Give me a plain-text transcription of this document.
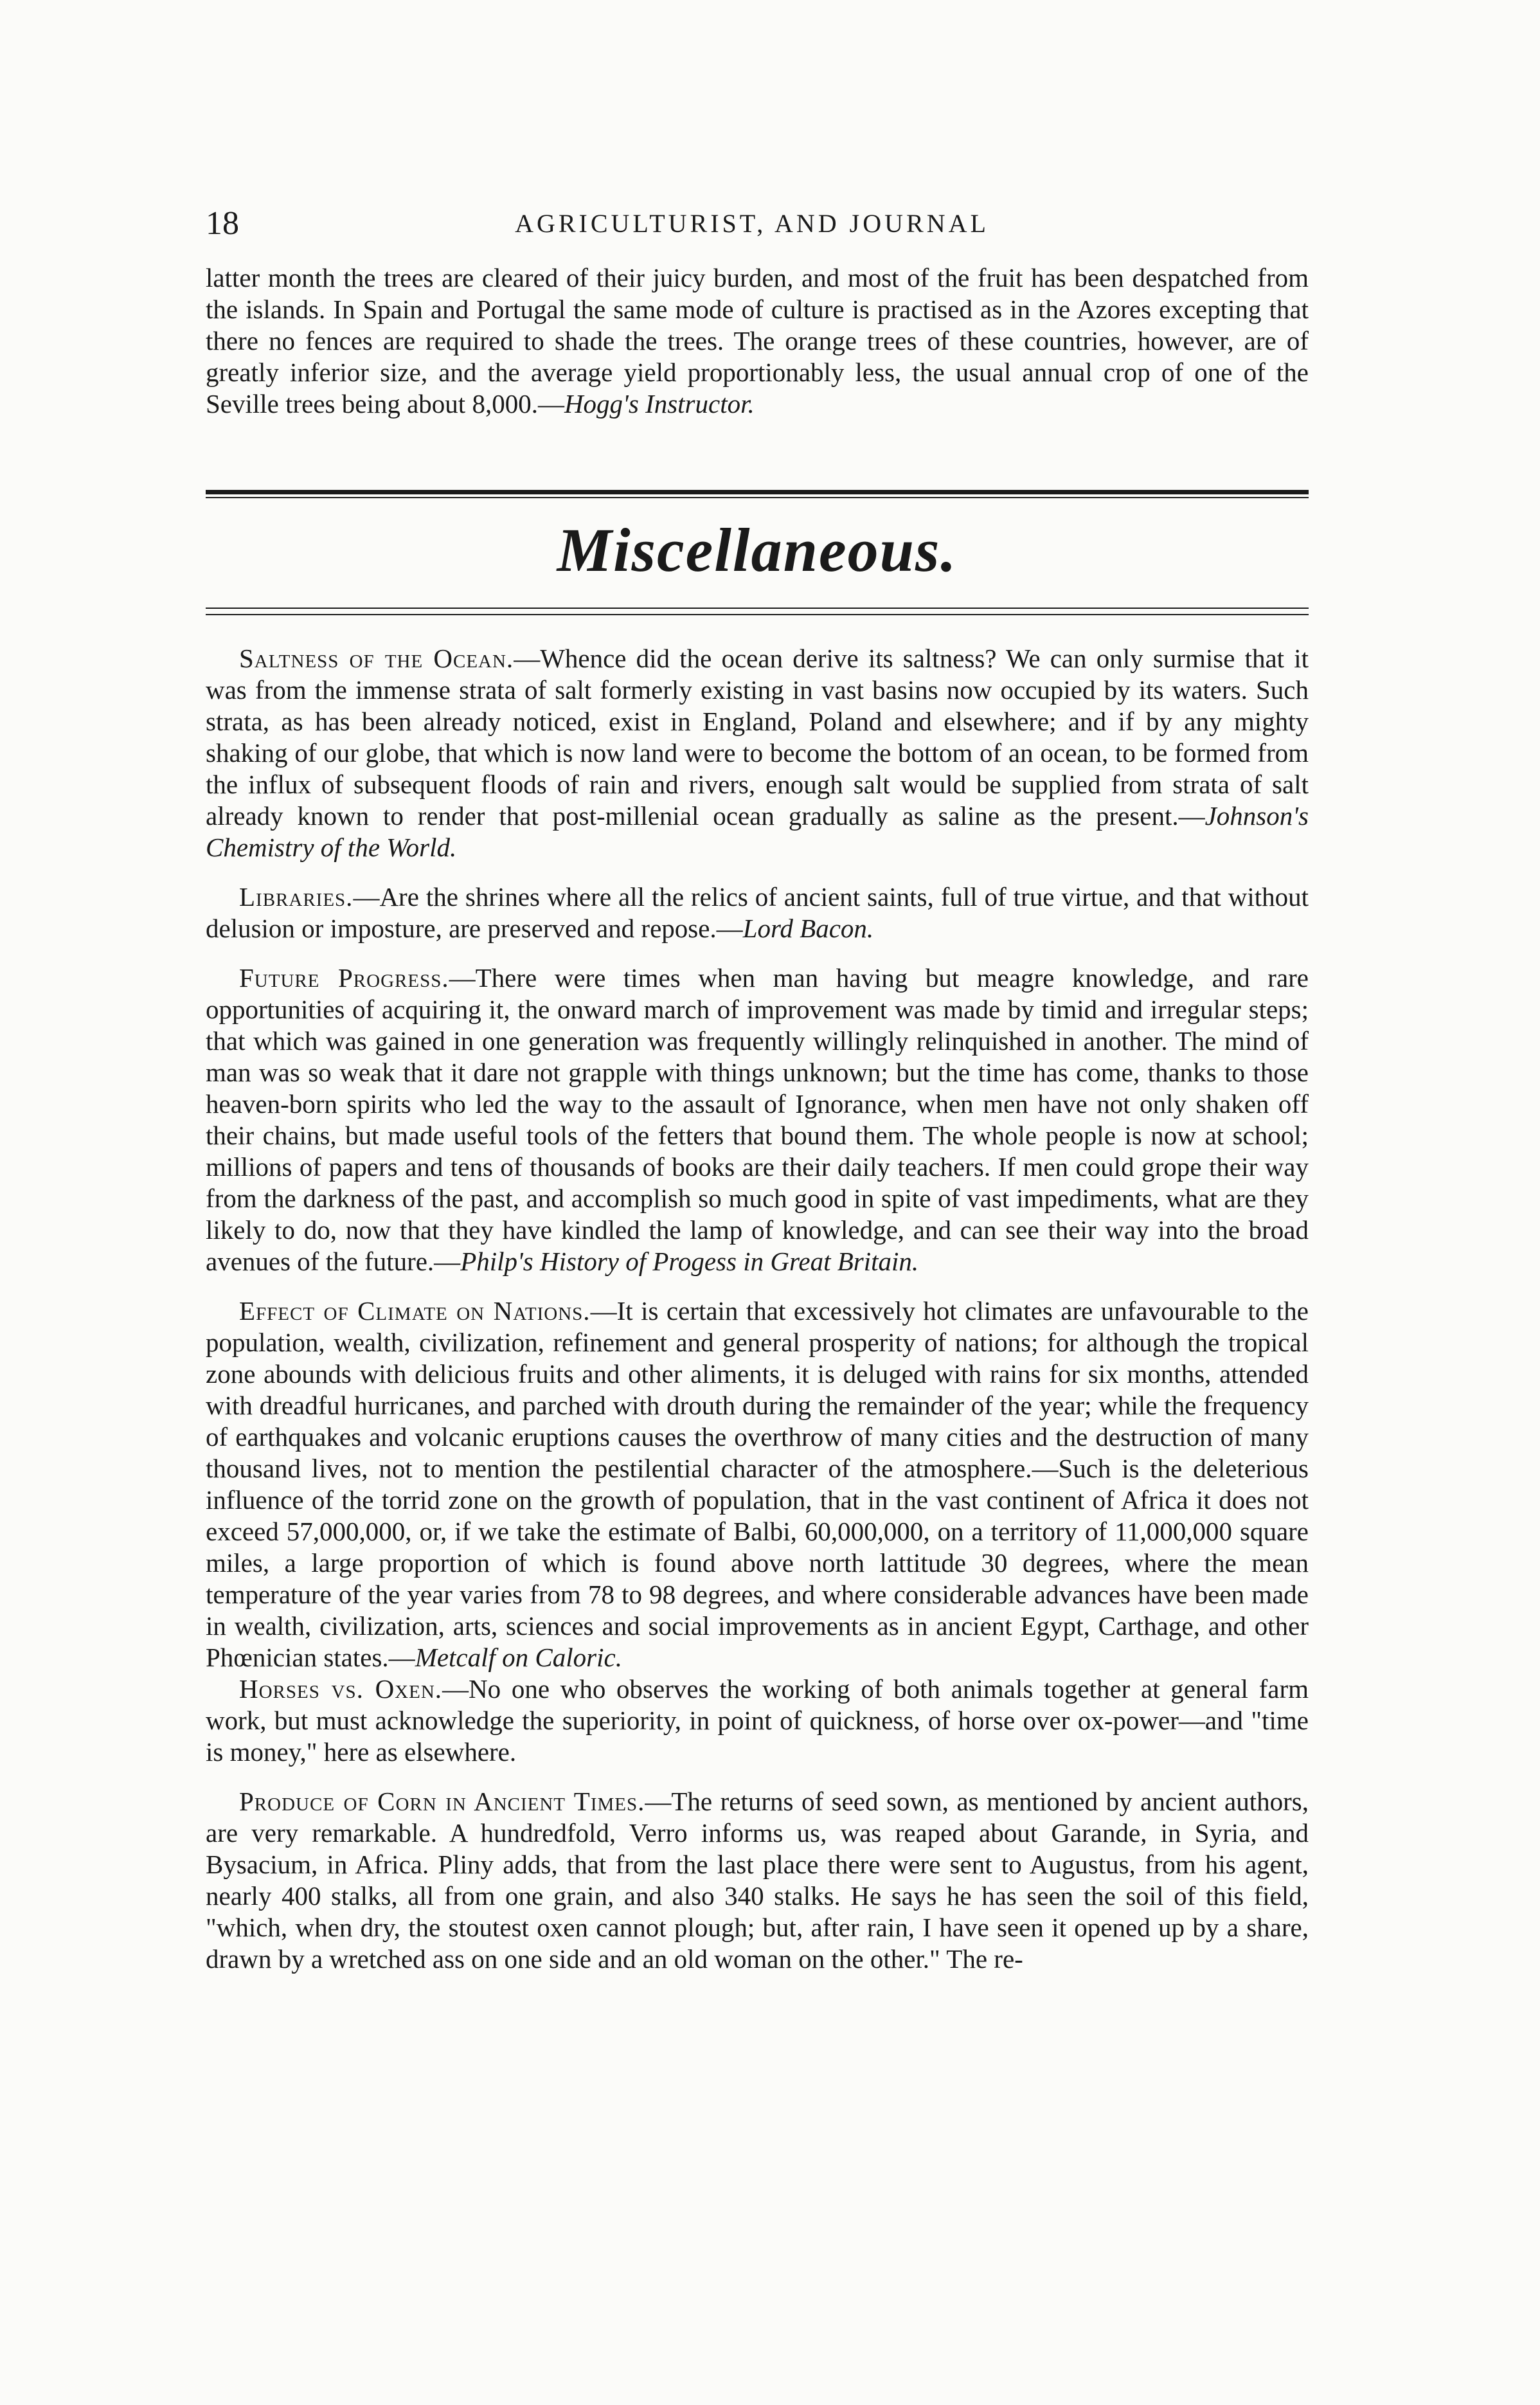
18	AGRICULTURIST, AND JOURNAL

latter month the trees are cleared of their juicy burden, and most of the fruit has been despatched from the islands. In Spain and Portugal the same mode of culture is practised as in the Azores excepting that there no fences are required to shade the trees. The orange trees of these countries, however, are of greatly inferior size, and the average yield proportionably less, the usual annual crop of one of the Seville trees being about 8,000.—Hogg's Instructor.

Miscellaneous.

Saltness of the Ocean.—Whence did the ocean derive its saltness? We can only surmise that it was from the immense strata of salt formerly existing in vast basins now occupied by its waters. Such strata, as has been already noticed, exist in England, Poland and elsewhere; and if by any mighty shaking of our globe, that which is now land were to become the bottom of an ocean, to be formed from the influx of subsequent floods of rain and rivers, enough salt would be supplied from strata of salt already known to render that post-millenial ocean gradually as saline as the present.—Johnson's Chemistry of the World.

Libraries.—Are the shrines where all the relics of ancient saints, full of true virtue, and that without delusion or imposture, are preserved and repose.—Lord Bacon.

Future Progress.—There were times when man having but meagre knowledge, and rare opportunities of acquiring it, the onward march of improvement was made by timid and irregular steps; that which was gained in one generation was frequently willingly relinquished in another. The mind of man was so weak that it dare not grapple with things unknown; but the time has come, thanks to those heaven-born spirits who led the way to the assault of Ignorance, when men have not only shaken off their chains, but made useful tools of the fetters that bound them. The whole people is now at school; millions of papers and tens of thousands of books are their daily teachers. If men could grope their way from the darkness of the past, and accomplish so much good in spite of vast impediments, what are they likely to do, now that they have kindled the lamp of knowledge, and can see their way into the broad avenues of the future.—Philp's History of Progess in Great Britain.

Effect of Climate on Nations.—It is certain that excessively hot climates are unfavourable to the population, wealth, civilization, refinement and general prosperity of nations; for although the tropical zone abounds with delicious fruits and other aliments, it is deluged with rains for six months, attended with dreadful hurricanes, and parched with drouth during the remainder of the year; while the frequency of earthquakes and volcanic eruptions causes the overthrow of many cities and the destruction of many thousand lives, not to mention the pestilential character of the atmosphere.—Such is the deleterious influence of the torrid zone on the growth of population, that in the vast continent of Africa it does not exceed 57,000,000, or, if we take the estimate of Balbi, 60,000,000, on a territory of 11,000,000 square miles, a large proportion of which is found above north lattitude 30 degrees, where the mean temperature of the year varies from 78 to 98 degrees, and where considerable advances have been made in wealth, civilization, arts, sciences and social improvements as in ancient Egypt, Carthage, and other Phœnician states.—Metcalf on Caloric.

Horses vs. Oxen.—No one who observes the working of both animals together at general farm work, but must acknowledge the superiority, in point of quickness, of horse over ox-power—and "time is money," here as elsewhere.

Produce of Corn in Ancient Times.—The returns of seed sown, as mentioned by ancient authors, are very remarkable. A hundredfold, Verro informs us, was reaped about Garande, in Syria, and Bysacium, in Africa. Pliny adds, that from the last place there were sent to Augustus, from his agent, nearly 400 stalks, all from one grain, and also 340 stalks. He says he has seen the soil of this field, "which, when dry, the stoutest oxen cannot plough; but, after rain, I have seen it opened up by a share, drawn by a wretched ass on one side and an old woman on the other." The re-
